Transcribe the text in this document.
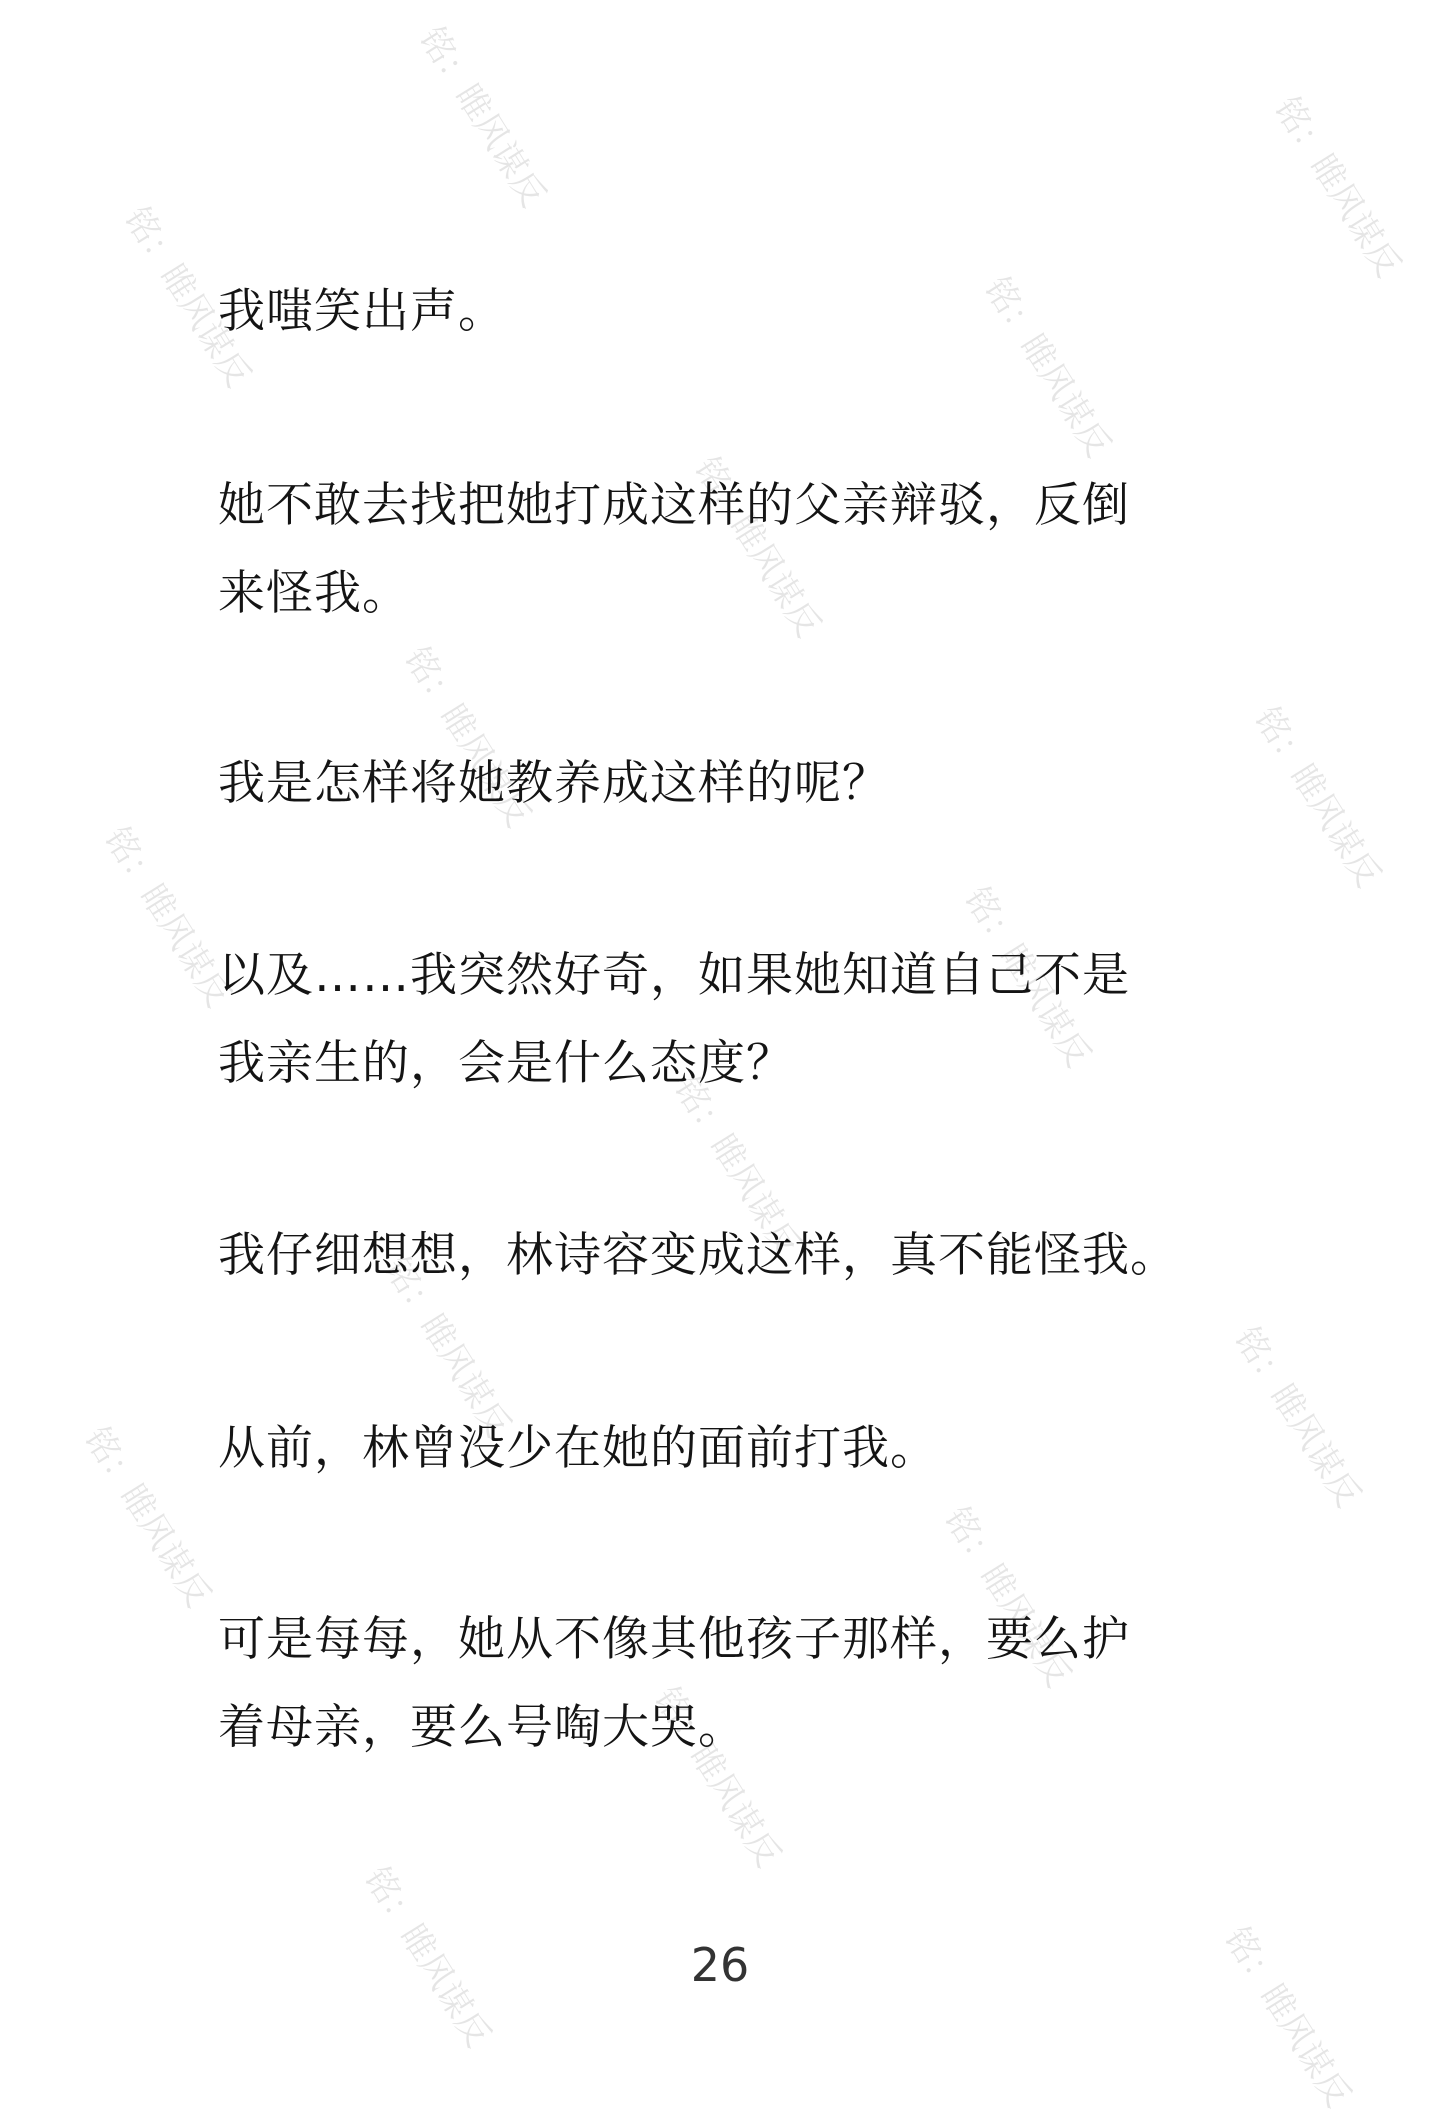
铭：睢风谋反
铭：睢风谋反
铭：睢风谋反
铭：睢风谋反
铭：睢风谋反
铭：睢风谋反	铭：睢风谋反
铭：睢风谋反	铭：睢风谋反
铭：睢风谋反
铭：睢风谋反	铭：睢风谋反
铭：睢风谋反	铭：睢风谋反
铭：睢风谋反
铭：睢风谋反	铭：睢风谋反
我嗤笑出声。
她不敢去找把她打成这样的父亲辩驳，反倒
来怪我。
我是怎样将她教养成这样的呢？
以及……我突然好奇，如果她知道自己不是
我亲生的，会是什么态度？
我仔细想想，林诗容变成这样，真不能怪我。
从前，林曾没少在她的面前打我。
可是每每，她从不像其他孩子那样，要么护
着母亲，要么号啕大哭。
26
